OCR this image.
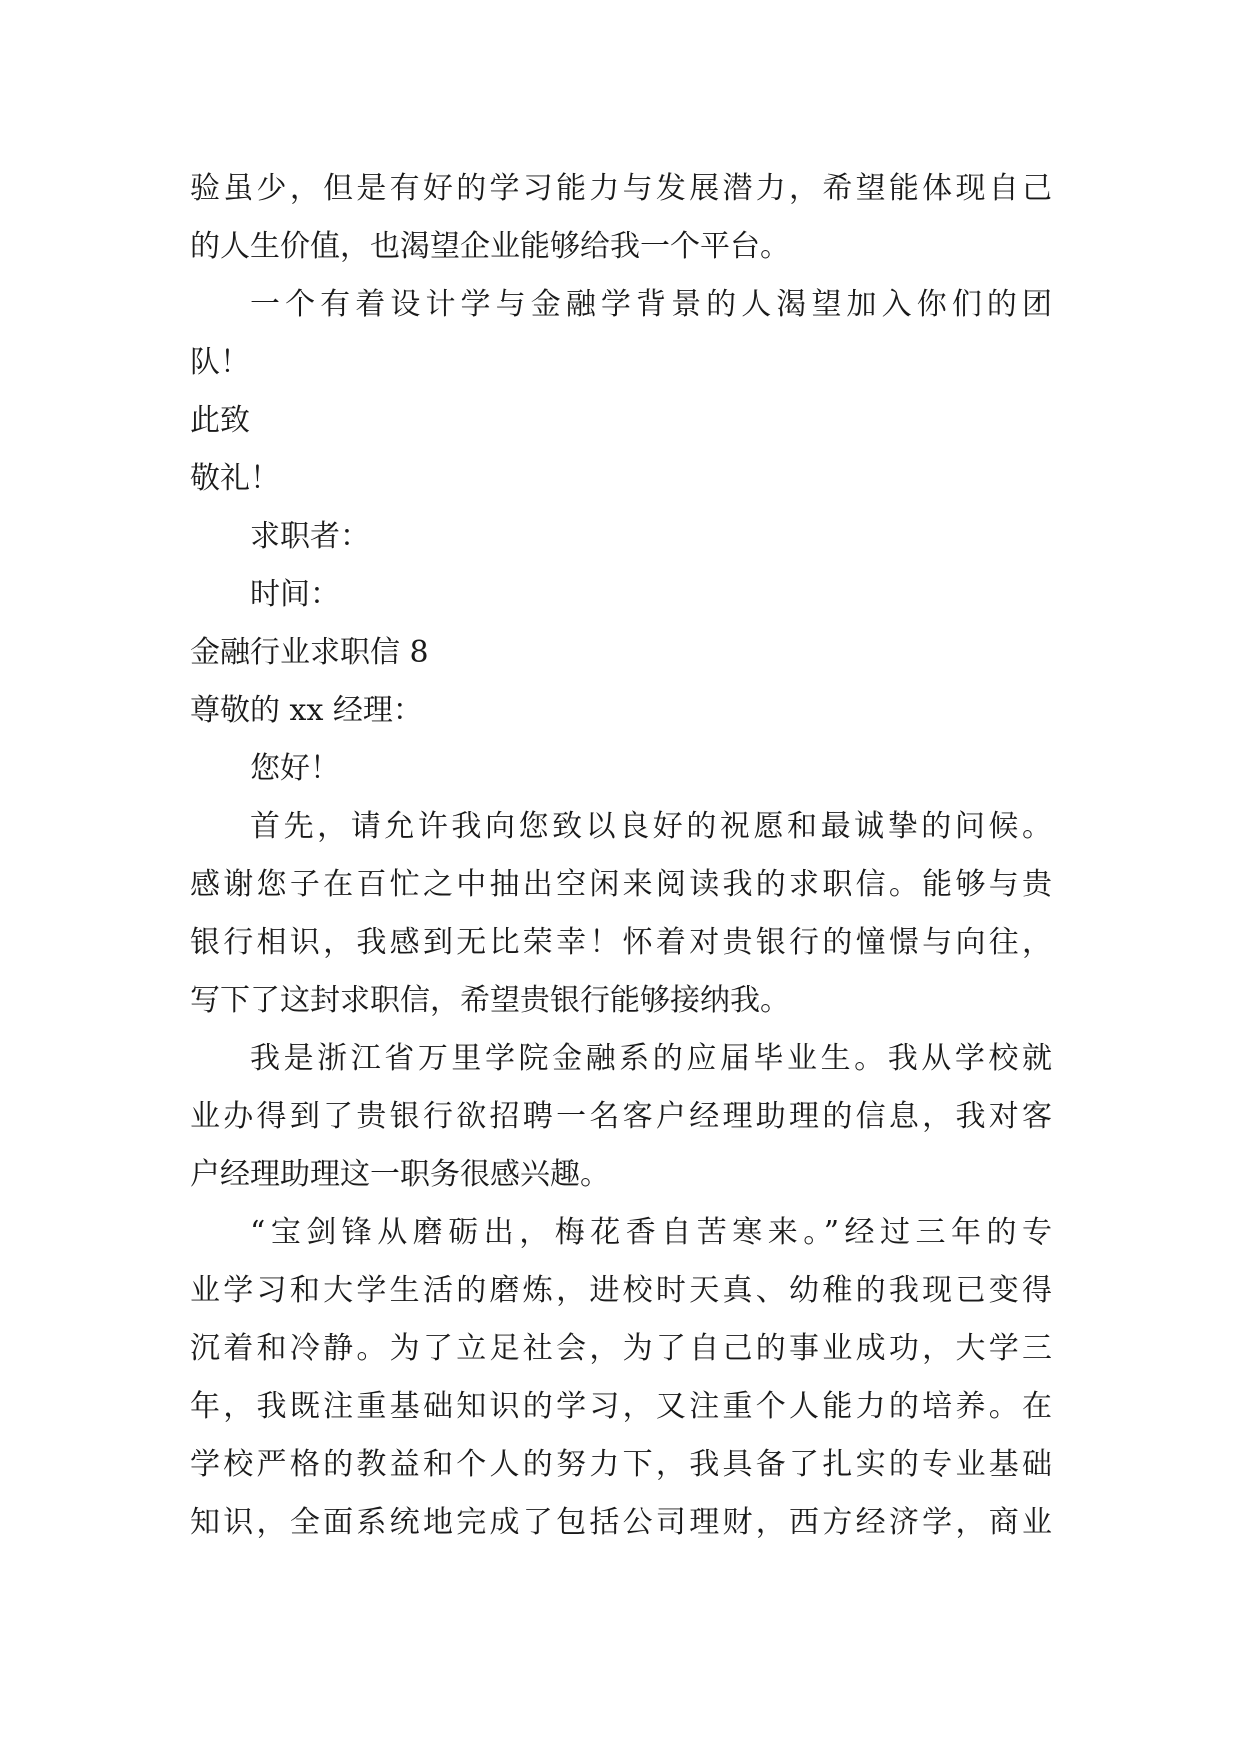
验虽少，但是有好的学习能力与发展潜力，希望能体现自己
的人生价值，也渴望企业能够给我一个平台。
一个有着设计学与金融学背景的人渴望加入你们的团
队！
此致
敬礼！
求职者：
时间：
金融行业求职信 8
尊敬的 xx 经理：
您好！
首先，请允许我向您致以良好的祝愿和最诚挚的问候。
感谢您子在百忙之中抽出空闲来阅读我的求职信。能够与贵
银行相识，我感到无比荣幸！怀着对贵银行的憧憬与向往，
写下了这封求职信，希望贵银行能够接纳我。
我是浙江省万里学院金融系的应届毕业生。我从学校就
业办得到了贵银行欲招聘一名客户经理助理的信息，我对客
户经理助理这一职务很感兴趣。
“宝剑锋从磨砺出，梅花香自苦寒来。”经过三年的专
业学习和大学生活的磨炼，进校时天真、幼稚的我现已变得
沉着和冷静。为了立足社会，为了自己的事业成功，大学三
年，我既注重基础知识的学习，又注重个人能力的培养。在
学校严格的教益和个人的努力下，我具备了扎实的专业基础
知识，全面系统地完成了包括公司理财，西方经济学，商业
